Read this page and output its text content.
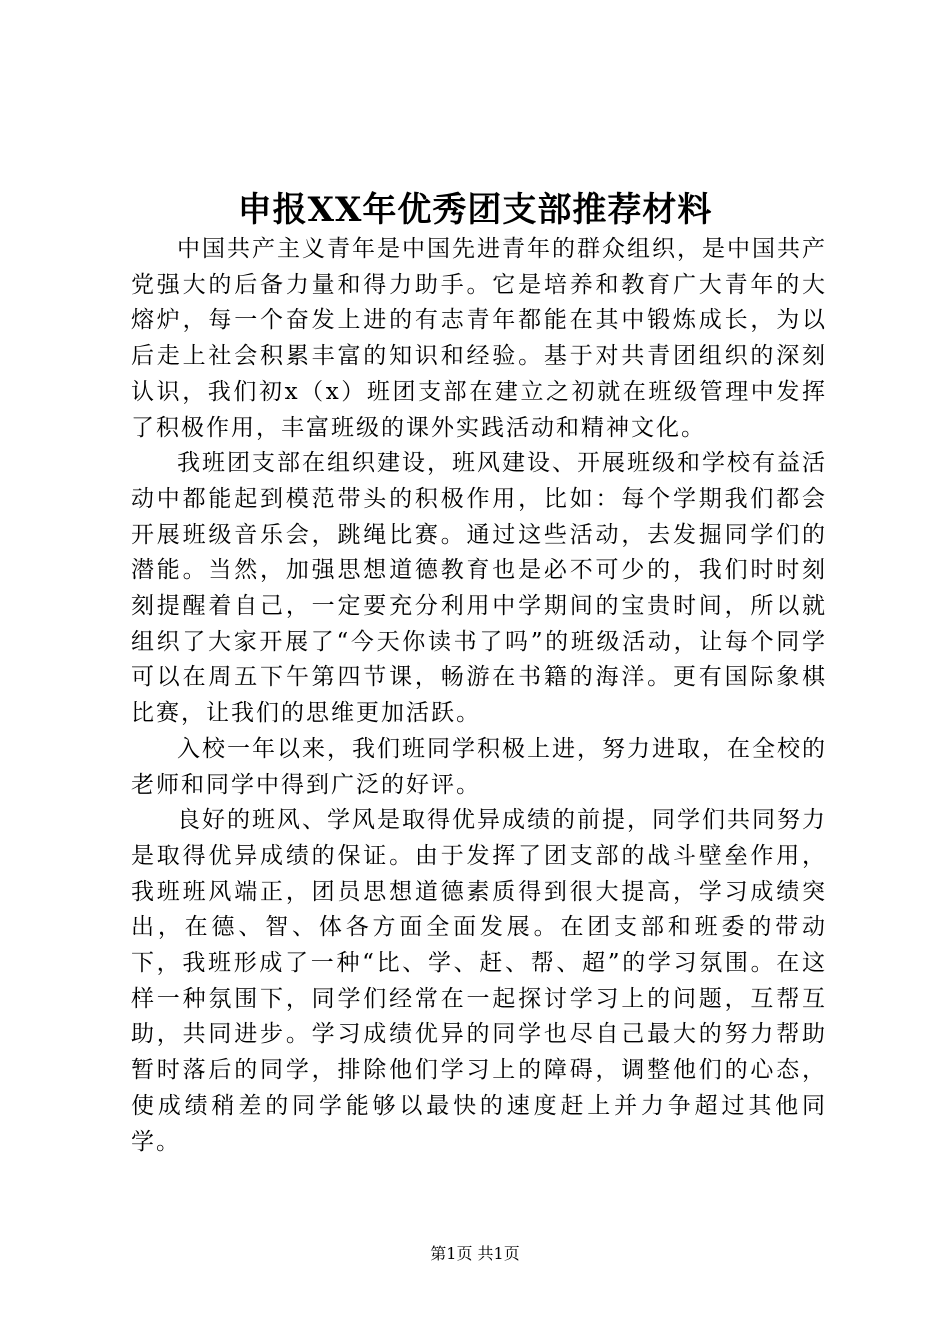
申报XX年优秀团支部推荐材料

中国共产主义青年是中国先进青年的群众组织，是中国共产党强大的后备力量和得力助手。它是培养和教育广大青年的大熔炉，每一个奋发上进的有志青年都能在其中锻炼成长，为以后走上社会积累丰富的知识和经验。基于对共青团组织的深刻认识，我们初x（x）班团支部在建立之初就在班级管理中发挥了积极作用，丰富班级的课外实践活动和精神文化。

我班团支部在组织建设，班风建设、开展班级和学校有益活动中都能起到模范带头的积极作用，比如：每个学期我们都会开展班级音乐会，跳绳比赛。通过这些活动，去发掘同学们的潜能。当然，加强思想道德教育也是必不可少的，我们时时刻刻提醒着自己，一定要充分利用中学期间的宝贵时间，所以就组织了大家开展了“今天你读书了吗”的班级活动，让每个同学可以在周五下午第四节课，畅游在书籍的海洋。更有国际象棋比赛，让我们的思维更加活跃。

入校一年以来，我们班同学积极上进，努力进取，在全校的老师和同学中得到广泛的好评。

良好的班风、学风是取得优异成绩的前提，同学们共同努力是取得优异成绩的保证。由于发挥了团支部的战斗壁垒作用，我班班风端正，团员思想道德素质得到很大提高，学习成绩突出，在德、智、体各方面全面发展。在团支部和班委的带动下，我班形成了一种“比、学、赶、帮、超”的学习氛围。在这样一种氛围下，同学们经常在一起探讨学习上的问题，互帮互助，共同进步。学习成绩优异的同学也尽自己最大的努力帮助暂时落后的同学，排除他们学习上的障碍，调整他们的心态，使成绩稍差的同学能够以最快的速度赶上并力争超过其他同学。

第1页 共1页
